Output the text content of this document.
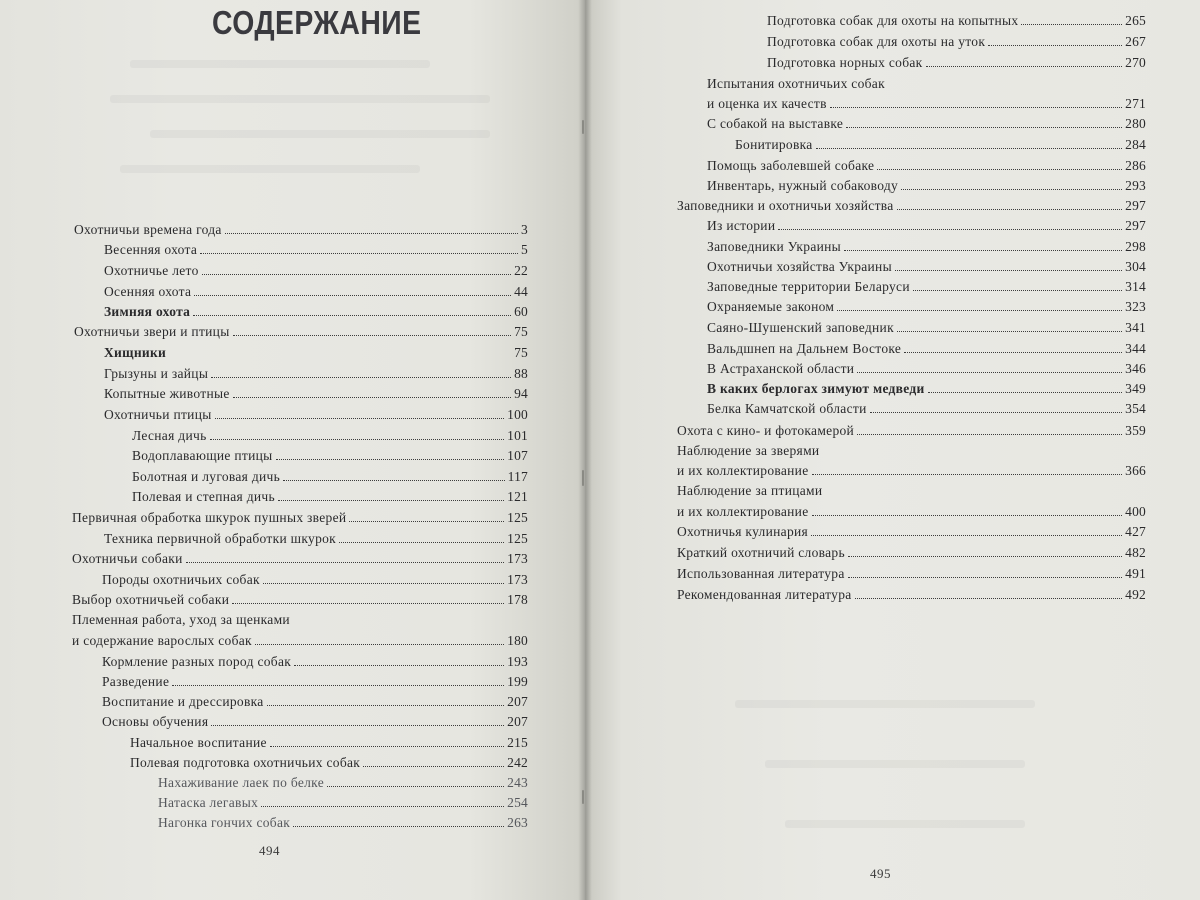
СОДЕРЖАНИЕ
Охотничьи времена года	3
Весенняя охота	5
Охотничье лето	22
Осенняя охота	44
Зимняя охота	60
Охотничьи звери и птицы	75
Хищники	75
Грызуны и зайцы	88
Копытные животные	94
Охотничьи птицы	100
Лесная дичь	101
Водоплавающие птицы	107
Болотная и луговая дичь	117
Полевая и степная дичь	121
Первичная обработка шкурок пушных зверей	125
Техника первичной обработки шкурок	125
Охотничьи собаки	173
Породы охотничьих собак	173
Выбор охотничьей собаки	178
Племенная работа, уход за щенками
и содержание варослых собак	180
Кормление разных пород собак	193
Разведение	199
Воспитание и дрессировка	207
Основы обучения	207
Начальное воспитание	215
Полевая подготовка охотничьих собак	242
Нахаживание лаек по белке	243
Натаска легавых	254
Нагонка гончих собак	263
494
Подготовка собак для охоты на копытных	265
Подготовка собак для охоты на уток	267
Подготовка норных собак	270
Испытания охотничьих собак
и оценка их качеств	271
С собакой на выставке	280
Бонитировка	284
Помощь заболевшей собаке	286
Инвентарь, нужный собаководу	293
Заповедники и охотничьи хозяйства	297
Из истории	297
Заповедники Украины	298
Охотничьи хозяйства Украины	304
Заповедные территории Беларуси	314
Охраняемые законом	323
Саяно-Шушенский заповедник	341
Вальдшнеп на Дальнем Востоке	344
В Астраханской области	346
В каких берлогах зимуют медведи	349
Белка Камчатской области	354
Охота с кино- и фотокамерой	359
Наблюдение за зверями
и их коллектирование	366
Наблюдение за птицами
и их коллектирование	400
Охотничья кулинария	427
Краткий охотничий словарь	482
Использованная литература	491
Рекомендованная литература	492
495
